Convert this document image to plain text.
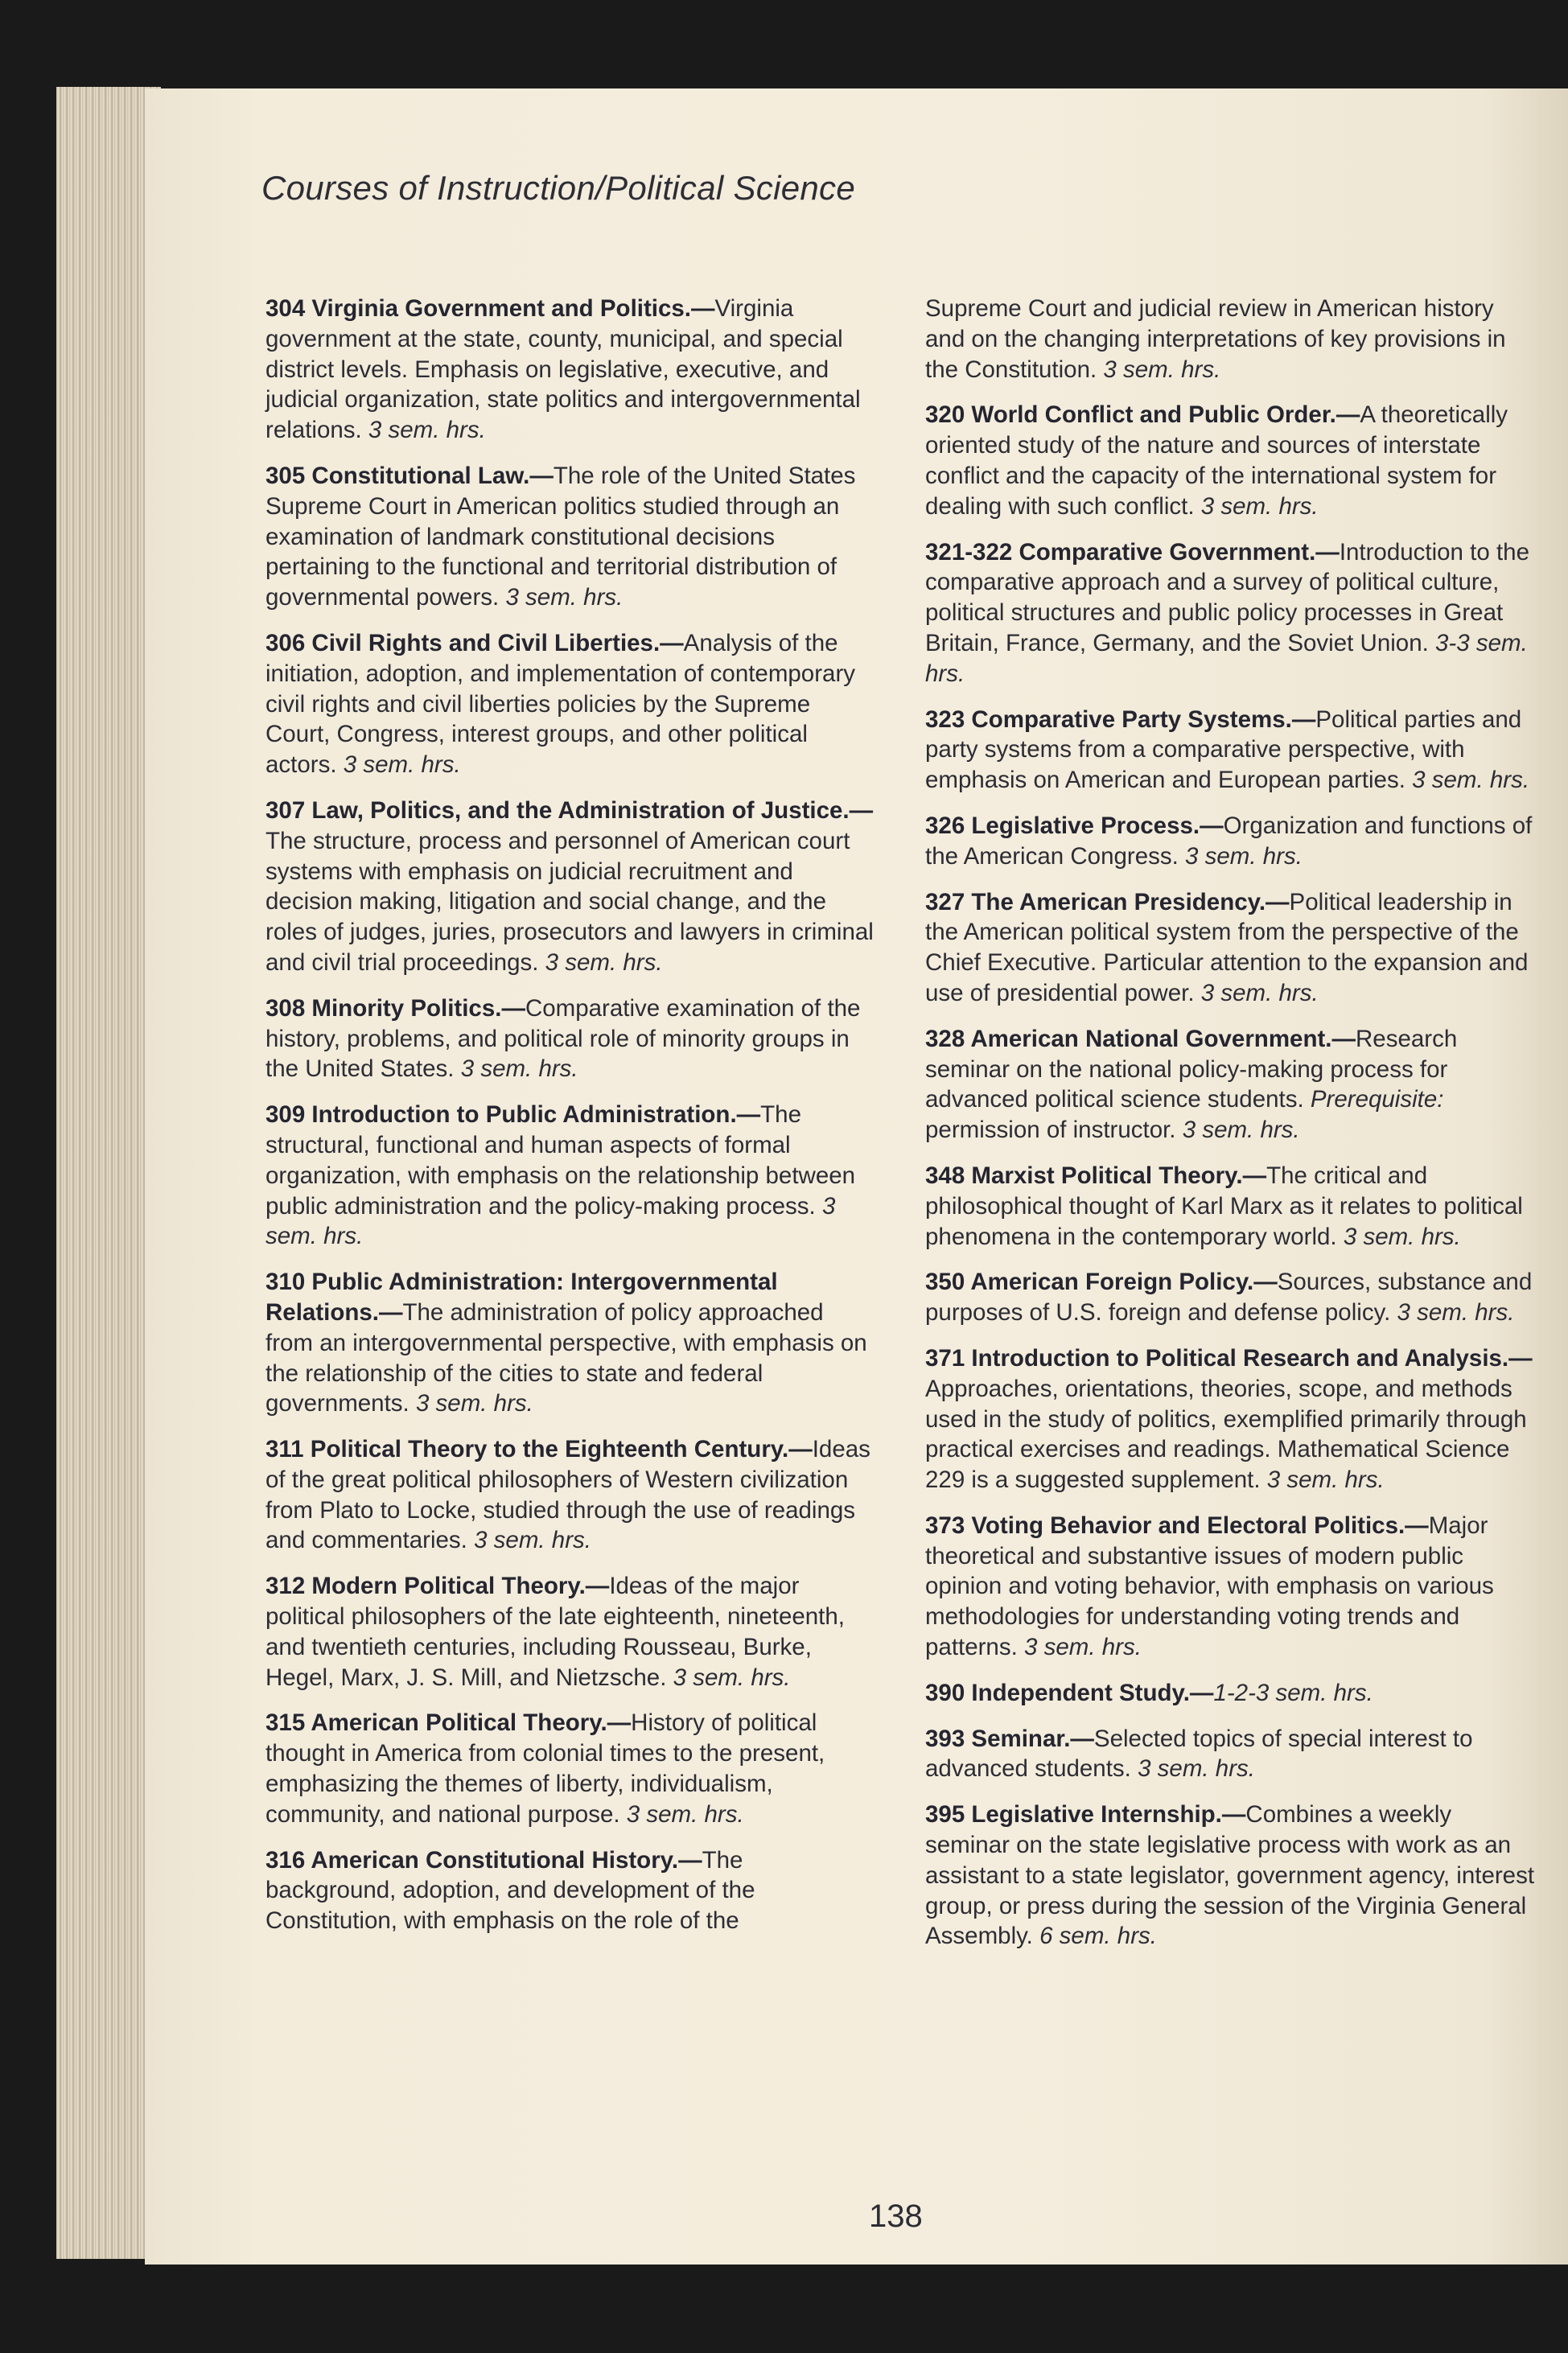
Courses of Instruction/Political Science

304 Virginia Government and Politics.—Virginia government at the state, county, municipal, and special district levels. Emphasis on legislative, executive, and judicial organization, state politics and intergovernmental relations. 3 sem. hrs.

305 Constitutional Law.—The role of the United States Supreme Court in American politics studied through an examination of landmark constitutional decisions pertaining to the functional and territorial distribution of governmental powers. 3 sem. hrs.

306 Civil Rights and Civil Liberties.—Analysis of the initiation, adoption, and implementation of contemporary civil rights and civil liberties policies by the Supreme Court, Congress, interest groups, and other political actors. 3 sem. hrs.

307 Law, Politics, and the Administration of Justice.—The structure, process and personnel of American court systems with emphasis on judicial recruitment and decision making, litigation and social change, and the roles of judges, juries, prosecutors and lawyers in criminal and civil trial proceedings. 3 sem. hrs.

308 Minority Politics.—Comparative examination of the history, problems, and political role of minority groups in the United States. 3 sem. hrs.

309 Introduction to Public Administration.—The structural, functional and human aspects of formal organization, with emphasis on the relationship between public administration and the policy-making process. 3 sem. hrs.

310 Public Administration: Intergovernmental Relations.—The administration of policy approached from an intergovernmental perspective, with emphasis on the relationship of the cities to state and federal governments. 3 sem. hrs.

311 Political Theory to the Eighteenth Century.—Ideas of the great political philosophers of Western civilization from Plato to Locke, studied through the use of readings and commentaries. 3 sem. hrs.

312 Modern Political Theory.—Ideas of the major political philosophers of the late eighteenth, nineteenth, and twentieth centuries, including Rousseau, Burke, Hegel, Marx, J. S. Mill, and Nietzsche. 3 sem. hrs.

315 American Political Theory.—History of political thought in America from colonial times to the present, emphasizing the themes of liberty, individualism, community, and national purpose. 3 sem. hrs.

316 American Constitutional History.—The background, adoption, and development of the Constitution, with emphasis on the role of the

Supreme Court and judicial review in American history and on the changing interpretations of key provisions in the Constitution. 3 sem. hrs.

320 World Conflict and Public Order.—A theoretically oriented study of the nature and sources of interstate conflict and the capacity of the international system for dealing with such conflict. 3 sem. hrs.

321-322 Comparative Government.—Introduction to the comparative approach and a survey of political culture, political structures and public policy processes in Great Britain, France, Germany, and the Soviet Union. 3-3 sem. hrs.

323 Comparative Party Systems.—Political parties and party systems from a comparative perspective, with emphasis on American and European parties. 3 sem. hrs.

326 Legislative Process.—Organization and functions of the American Congress. 3 sem. hrs.

327 The American Presidency.—Political leadership in the American political system from the perspective of the Chief Executive. Particular attention to the expansion and use of presidential power. 3 sem. hrs.

328 American National Government.—Research seminar on the national policy-making process for advanced political science students. Prerequisite: permission of instructor. 3 sem. hrs.

348 Marxist Political Theory.—The critical and philosophical thought of Karl Marx as it relates to political phenomena in the contemporary world. 3 sem. hrs.

350 American Foreign Policy.—Sources, substance and purposes of U.S. foreign and defense policy. 3 sem. hrs.

371 Introduction to Political Research and Analysis.—Approaches, orientations, theories, scope, and methods used in the study of politics, exemplified primarily through practical exercises and readings. Mathematical Science 229 is a suggested supplement. 3 sem. hrs.

373 Voting Behavior and Electoral Politics.—Major theoretical and substantive issues of modern public opinion and voting behavior, with emphasis on various methodologies for understanding voting trends and patterns. 3 sem. hrs.

390 Independent Study.—1-2-3 sem. hrs.

393 Seminar.—Selected topics of special interest to advanced students. 3 sem. hrs.

395 Legislative Internship.—Combines a weekly seminar on the state legislative process with work as an assistant to a state legislator, government agency, interest group, or press during the session of the Virginia General Assembly. 6 sem. hrs.

138
